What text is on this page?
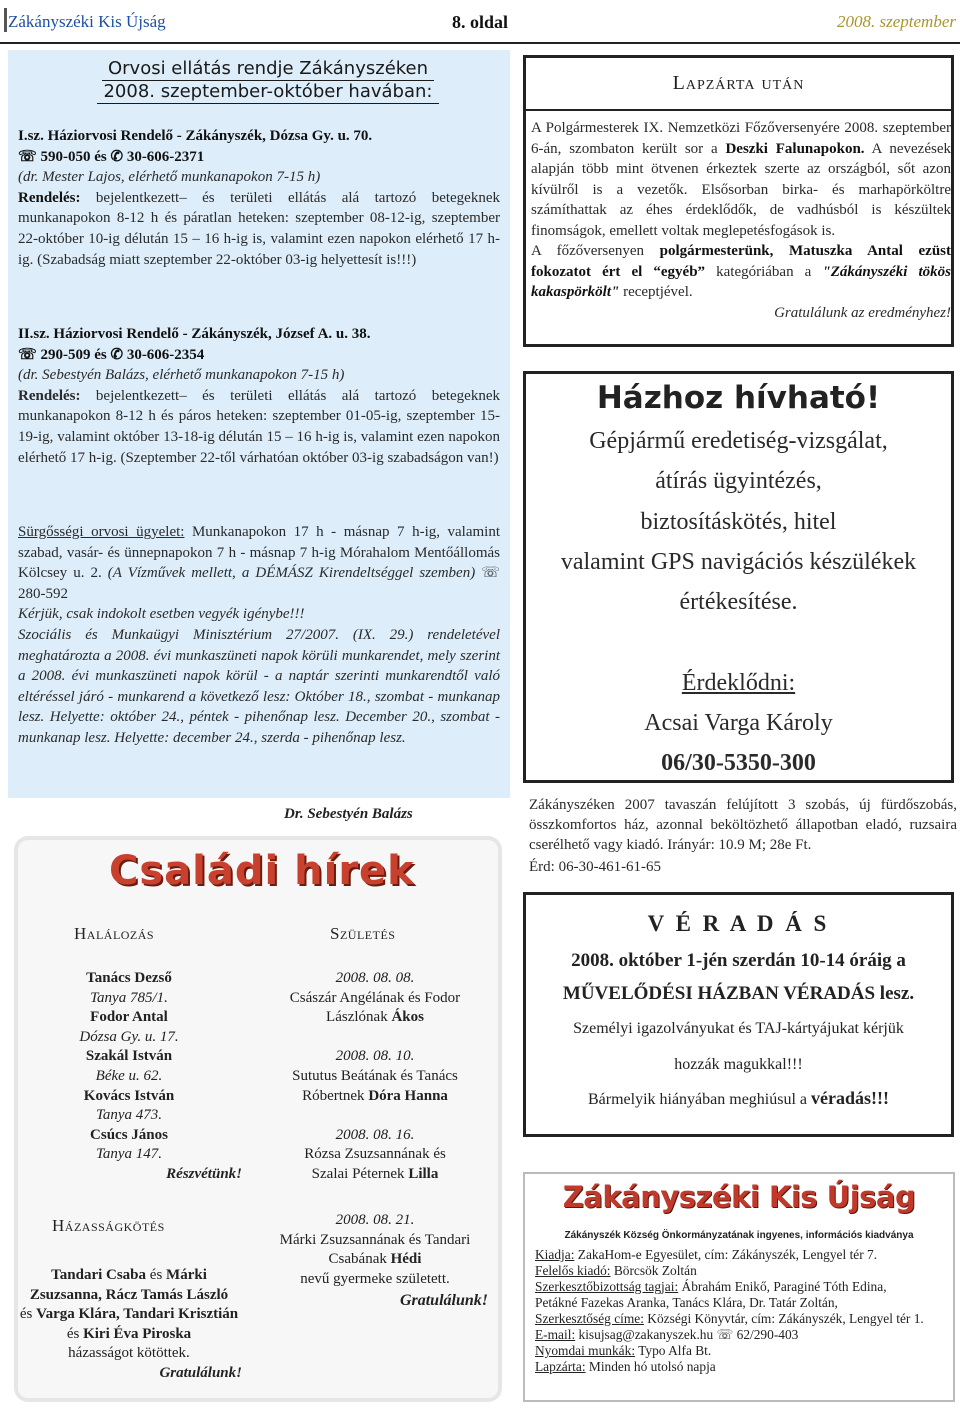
Zákányszéki Kis Újság	8. oldal	2008. szeptember
Orvosi ellátás rendje Zákányszéken
2008. szeptember-október havában:
I.sz. Háziorvosi Rendelő - Zákányszék, Dózsa Gy. u. 70.
☏ 590-050 és ✆ 30-606-2371
(dr. Mester Lajos, elérhető munkanapokon 7-15 h)
Rendelés: bejelentkezett– és területi ellátás alá tartozó betegeknek munkanapokon 8-12 h és páratlan heteken: szeptember 08-12-ig, szeptember 22-október 10-ig délután 15 – 16 h-ig is, valamint ezen napokon elérhető 17 h-ig. (Szabadság miatt szeptember 22-október 03-ig helyettesít is!!!)
II.sz. Háziorvosi Rendelő - Zákányszék, József A. u. 38.
☏ 290-509 és ✆ 30-606-2354
(dr. Sebestyén Balázs, elérhető munkanapokon 7-15 h)
Rendelés: bejelentkezett– és területi ellátás alá tartozó betegeknek munkanapokon 8-12 h és páros heteken: szeptember 01-05-ig, szeptember 15-19-ig, valamint október 13-18-ig délután 15 – 16 h-ig is, valamint ezen napokon elérhető 17 h-ig. (Szeptember 22-től várhatóan október 03-ig szabadságon van!)
Sürgősségi orvosi ügyelet: Munkanapokon 17 h - másnap 7 h-ig, valamint szabad, vasár- és ünnepnapokon 7 h - másnap 7 h-ig Mórahalom Mentőállomás Kölcsey u. 2. (A Vízművek mellett, a DÉMÁSZ Kirendeltséggel szemben) ☏ 280-592
Kérjük, csak indokolt esetben vegyék igénybe!!!
Szociális és Munkaügyi Minisztérium 27/2007. (IX. 29.) rendeletével meghatározta a 2008. évi munkaszüneti napok körüli munkarendet, mely szerint a 2008. évi munkaszüneti napok körül - a naptár szerinti munkarendtől való eltéréssel járó - munkarend a következő lesz: Október 18., szombat - munkanap lesz. Helyette: október 24., péntek - pihenőnap lesz. December 20., szombat - munkanap lesz. Helyette: december 24., szerda - pihenőnap lesz.
Dr. Sebestyén Balázs
Lapzárta után
A Polgármesterek IX. Nemzetközi Főzőversenyére 2008. szeptember 6-án, szombaton került sor a Deszki Falunapokon. A nevezések alapján több mint ötvenen érkeztek szerte az országból, sőt azon kívülről is a vezetők. Elsősorban birka- és marhapörköltre számíthattak az éhes érdeklődők, de vadhúsból is készültek finomságok, emellett voltak meglepetésfogások is.
A főzőversenyen polgármesterünk, Matuszka Antal ezüst fokozatot ért el “egyéb” kategóriában a "Zákányszéki tökös kakaspörkölt" receptjével.
Gratulálunk az eredményhez!
Házhoz hívható!
Gépjármű eredetiség-vizsgálat,
átírás ügyintézés,
biztosításkötés, hitel
valamint GPS navigációs készülékek
értékesítése.
Érdeklődni:
Acsai Varga Károly
06/30-5350-300
Zákányszéken 2007 tavaszán felújított 3 szobás, új fürdőszobás, összkomfortos ház, azonnal beköltözhető állapotban eladó, ruzsaira cserélhető vagy kiadó. Irányár: 10.9 M; 28e Ft.
Érd: 06-30-461-61-65
V É R A D Á S
2008. október 1-jén szerdán 10-14 óráig a
MŰVELŐDÉSI HÁZBAN VÉRADÁS lesz.
Személyi igazolványukat és TAJ-kártyájukat kérjük
hozzák magukkal!!!
Bármelyik hiányában meghiúsul a véradás!!!
Családi hírek
Halálozás
Tanács Dezső
Tanya 785/1.
Fodor Antal
Dózsa Gy. u. 17.
Szakál István
Béke u. 62.
Kovács István
Tanya 473.
Csúcs János
Tanya 147.
Részvétünk!
Házasságkötés
Tandari Csaba és Márki Zsuzsanna, Rácz Tamás László
és Varga Klára, Tandari Krisztián és Kiri Éva Piroska
házasságot kötöttek.
Gratulálunk!
Születés
2008. 08. 08.
Császár Angélának és Fodor
Lászlónak Ákos
2008. 08. 10.
Sututus Beátának és Tanács
Róbertnek Dóra Hanna
2008. 08. 16.
Rózsa Zsuzsannának és
Szalai Péternek Lilla
2008. 08. 21.
Márki Zsuzsannának és Tandari
Csabának Hédi
nevű gyermeke született.
Gratulálunk!
Zákányszéki Kis Újság
Zákányszék Község Önkormányzatának ingyenes, információs kiadványa
Kiadja: ZakaHom-e Egyesület, cím: Zákányszék, Lengyel tér 7.
Felelős kiadó: Börcsök Zoltán
Szerkesztőbizottság tagjai: Ábrahám Enikő, Paraginé Tóth Edina,
Petákné Fazekas Aranka, Tanács Klára, Dr. Tatár Zoltán,
Szerkesztőség címe: Községi Könyvtár, cím: Zákányszék, Lengyel tér 1.
E-mail: kisujsag@zakanyszek.hu ☏ 62/290-403
Nyomdai munkák: Typo Alfa Bt.
Lapzárta: Minden hó utolsó napja
